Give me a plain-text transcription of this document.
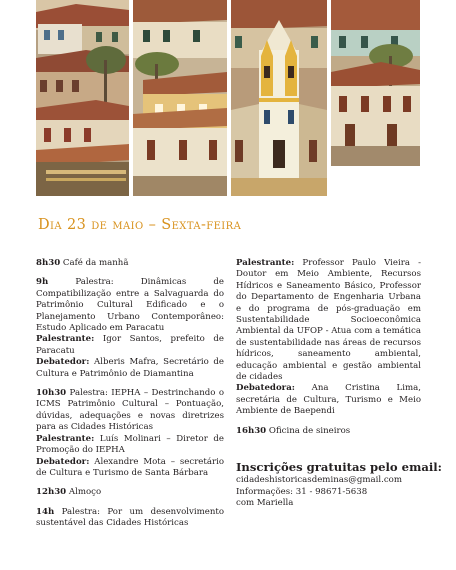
Dia 23 de maio – Sexta-feira

8h30 Café da manhã

9h Palestra: Dinâmicas de Compatibilização entre a Salvaguarda do Patrimônio Cultural Edificado e o Planejamento Urbano Contemporâneo: Estudo Aplicado em Paracatu

Palestrante: Igor Santos, prefeito de Paracatu

Debatedor: Alberis Mafra, Secretário de Cultura e Patrimônio de Diamantina

10h30 Palestra: IEPHA – Destrinchando o ICMS Patrimônio Cultural – Pontuação, dúvidas, adequações e novas diretrizes para as Cidades Históricas

Palestrante: Luís Molinari – Diretor de Promoção do IEPHA

Debatedor: Alexandre Mota – secretário de Cultura e Turismo de Santa Bárbara

12h30 Almoço

14h Palestra: Por um desenvolvimento sustentável das Cidades Históricas

Palestrante: Professor Paulo Vieira - Doutor em Meio Ambiente, Recursos Hídricos e Saneamento Básico, Professor do Departamento de Engenharia Urbana e do programa de pós-graduação em Sustentabilidade Socioeconômica Ambiental da UFOP - Atua com a temática de sustentabilidade nas áreas de recursos hídricos, saneamento ambiental, educação ambiental e gestão ambiental de cidades

Debatedora: Ana Cristina Lima, secretária de Cultura, Turismo e Meio Ambiente de Baependi

16h30 Oficina de sineiros

Inscrições gratuitas pelo email:
cidadeshistoricasdeminas@gmail.com
Informações: 31 - 98671-5638
com Mariella
